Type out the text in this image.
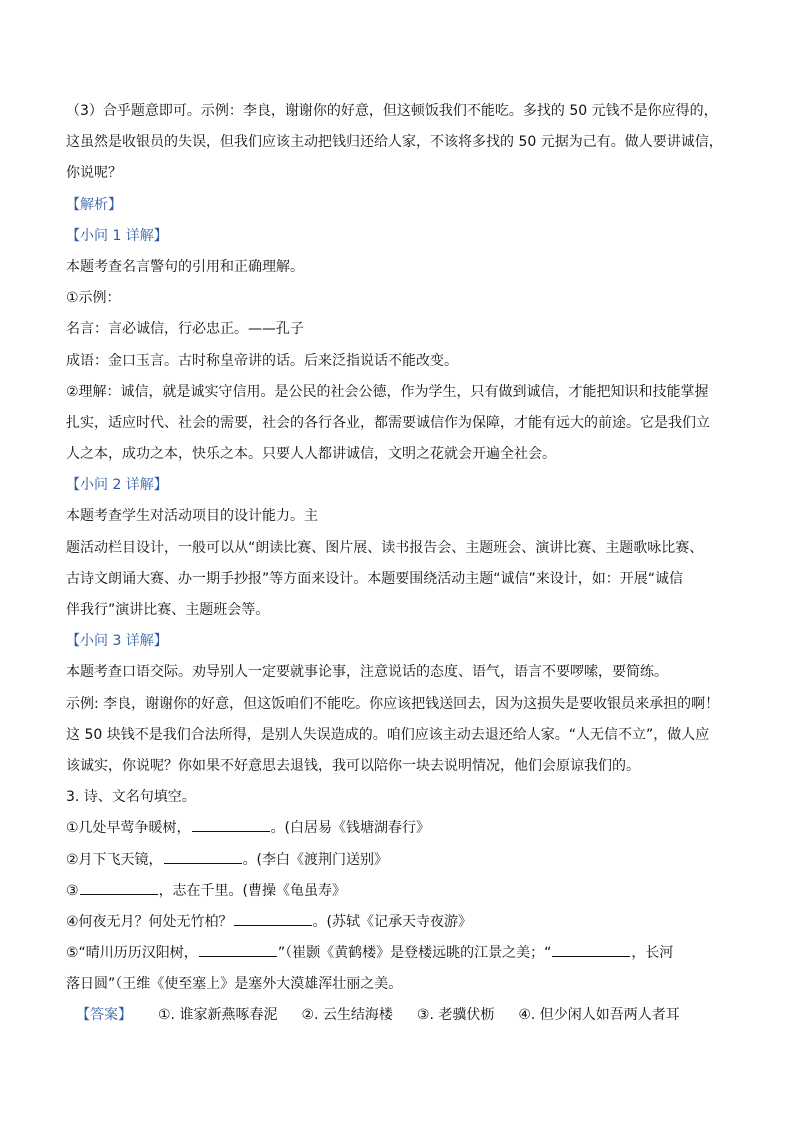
（3）合乎题意即可。示例：李良，谢谢你的好意，但这顿饭我们不能吃。多找的 50 元钱不是你应得的，
这虽然是收银员的失误，但我们应该主动把钱归还给人家，不该将多找的 50 元据为己有。做人要讲诚信，
你说呢？
【解析】
【小问 1 详解】
本题考查名言警句的引用和正确理解。
①示例：
名言：言必诚信，行必忠正。——孔子
成语：金口玉言。古时称皇帝讲的话。后来泛指说话不能改变。
②理解：诚信，就是诚实守信用。是公民的社会公德，作为学生，只有做到诚信，才能把知识和技能掌握
扎实，适应时代、社会的需要，社会的各行各业，都需要诚信作为保障，才能有远大的前途。它是我们立
人之本，成功之本，快乐之本。只要人人都讲诚信，文明之花就会开遍全社会。
【小问 2 详解】
本题考查学生对活动项目的设计能力。主
题活动栏目设计，一般可以从“朗读比赛、图片展、读书报告会、主题班会、演讲比赛、主题歌咏比赛、
古诗文朗诵大赛、办一期手抄报”等方面来设计。本题要围绕活动主题“诚信”来设计，如：开展“诚信
伴我行”演讲比赛、主题班会等。
【小问 3 详解】
本题考查口语交际。劝导别人一定要就事论事，注意说话的态度、语气，语言不要啰嗦，要简练。
示例: 李良，谢谢你的好意，但这饭咱们不能吃。你应该把钱送回去，因为这损失是要收银员来承担的啊！
这 50 块钱不是我们合法所得，是别人失误造成的。咱们应该主动去退还给人家。“人无信不立”，做人应
该诚实，你说呢？你如果不好意思去退钱，我可以陪你一块去说明情况，他们会原谅我们的。
3. 诗、文名句填空。
①几处早莺争暖树，	。(白居易《钱塘湖春行》
②月下飞天镜，	。(李白《渡荆门送别》
③	，志在千里。(曹操《龟虽寿》
④何夜无月？何处无竹柏？	。(苏轼《记承天寺夜游》
⑤“晴川历历汉阳树，	”（崔颢《黄鹤楼》是登楼远眺的江景之美；“	，长河
落日圆”（王维《使至塞上》是塞外大漠雄浑壮丽之美。
【答案】 ①. 谁家新燕啄春泥 ②. 云生结海楼 ③. 老骥伏枥 ④. 但少闲人如吾两人者耳
